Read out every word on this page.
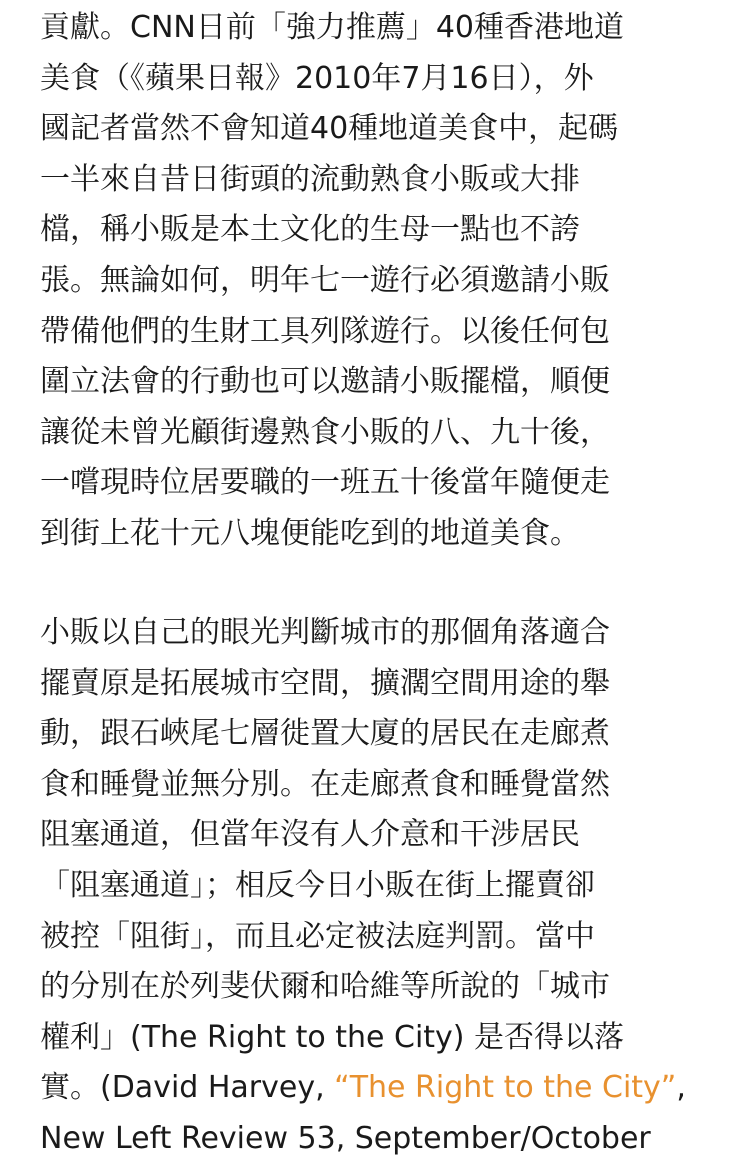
貢獻。CNN日前「強力推薦」40種香港地道
美食（《蘋果日報》2010年7月16日），外
國記者當然不會知道40種地道美食中，起碼
一半來自昔日街頭的流動熟食小販或大排
檔，稱小販是本土文化的生母一點也不誇
張。無論如何，明年七一遊行必須邀請小販
帶備他們的生財工具列隊遊行。以後任何包
圍立法會的行動也可以邀請小販擺檔，順便
讓從未曾光顧街邊熟食小販的八、九十後，
一嚐現時位居要職的一班五十後當年隨便走
到街上花十元八塊便能吃到的地道美食。
小販以自己的眼光判斷城市的那個角落適合
擺賣原是拓展城市空間，擴濶空間用途的舉
動，跟石峽尾七層徙置大廈的居民在走廊煮
食和睡覺並無分別。在走廊煮食和睡覺當然
阻塞通道，但當年沒有人介意和干涉居民
「阻塞通道」；相反今日小販在街上擺賣卻
被控「阻街」，而且必定被法庭判罰。當中
的分別在於列斐伏爾和哈維等所說的「城市
權利」(The Right to the City) 是否得以落
實。(David Harvey, “The Right to the City”,
New Left Review 53, September/October
